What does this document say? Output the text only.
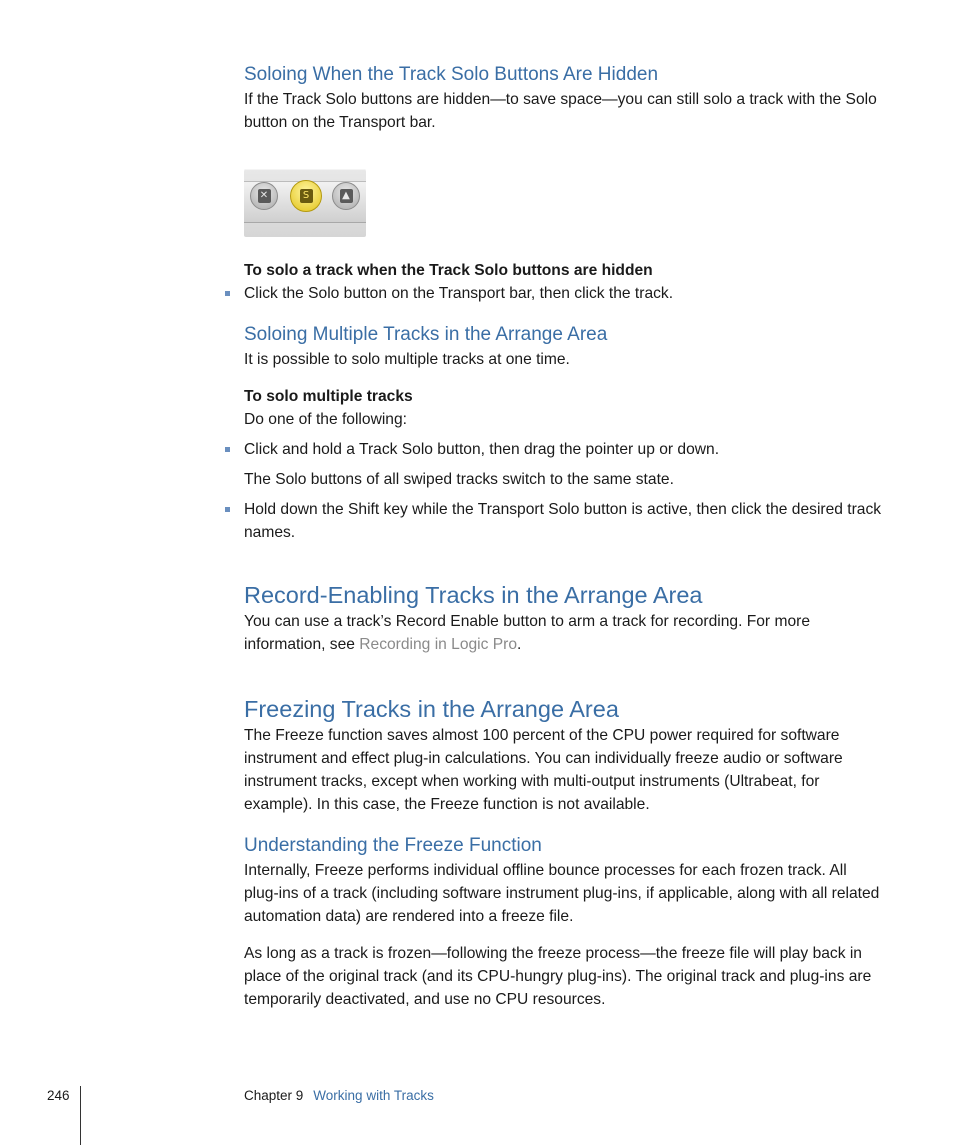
Soloing When the Track Solo Buttons Are Hidden

If the Track Solo buttons are hidden—to save space—you can still solo a track with the Solo button on the Transport bar.

✕	S	▲

To solo a track when the Track Solo buttons are hidden

Click the Solo button on the Transport bar, then click the track.
Soloing Multiple Tracks in the Arrange Area

It is possible to solo multiple tracks at one time.

To solo multiple tracks

Do one of the following:

Click and hold a Track Solo button, then drag the pointer up or down.

The Solo buttons of all swiped tracks switch to the same state.

Hold down the Shift key while the Transport Solo button is active, then click the desired track names.
Record-Enabling Tracks in the Arrange Area

You can use a track’s Record Enable button to arm a track for recording. For more information, see Recording in Logic Pro.

Freezing Tracks in the Arrange Area

The Freeze function saves almost 100 percent of the CPU power required for software instrument and effect plug-in calculations. You can individually freeze audio or software instrument tracks, except when working with multi-output instruments (Ultrabeat, for example). In this case, the Freeze function is not available.

Understanding the Freeze Function

Internally, Freeze performs individual offline bounce processes for each frozen track. All plug-ins of a track (including software instrument plug-ins, if applicable, along with all related automation data) are rendered into a freeze file.

As long as a track is frozen—following the freeze process—the freeze file will play back in place of the original track (and its CPU-hungry plug-ins). The original track and plug-ins are temporarily deactivated, and use no CPU resources.

246	Chapter 9 Working with Tracks
